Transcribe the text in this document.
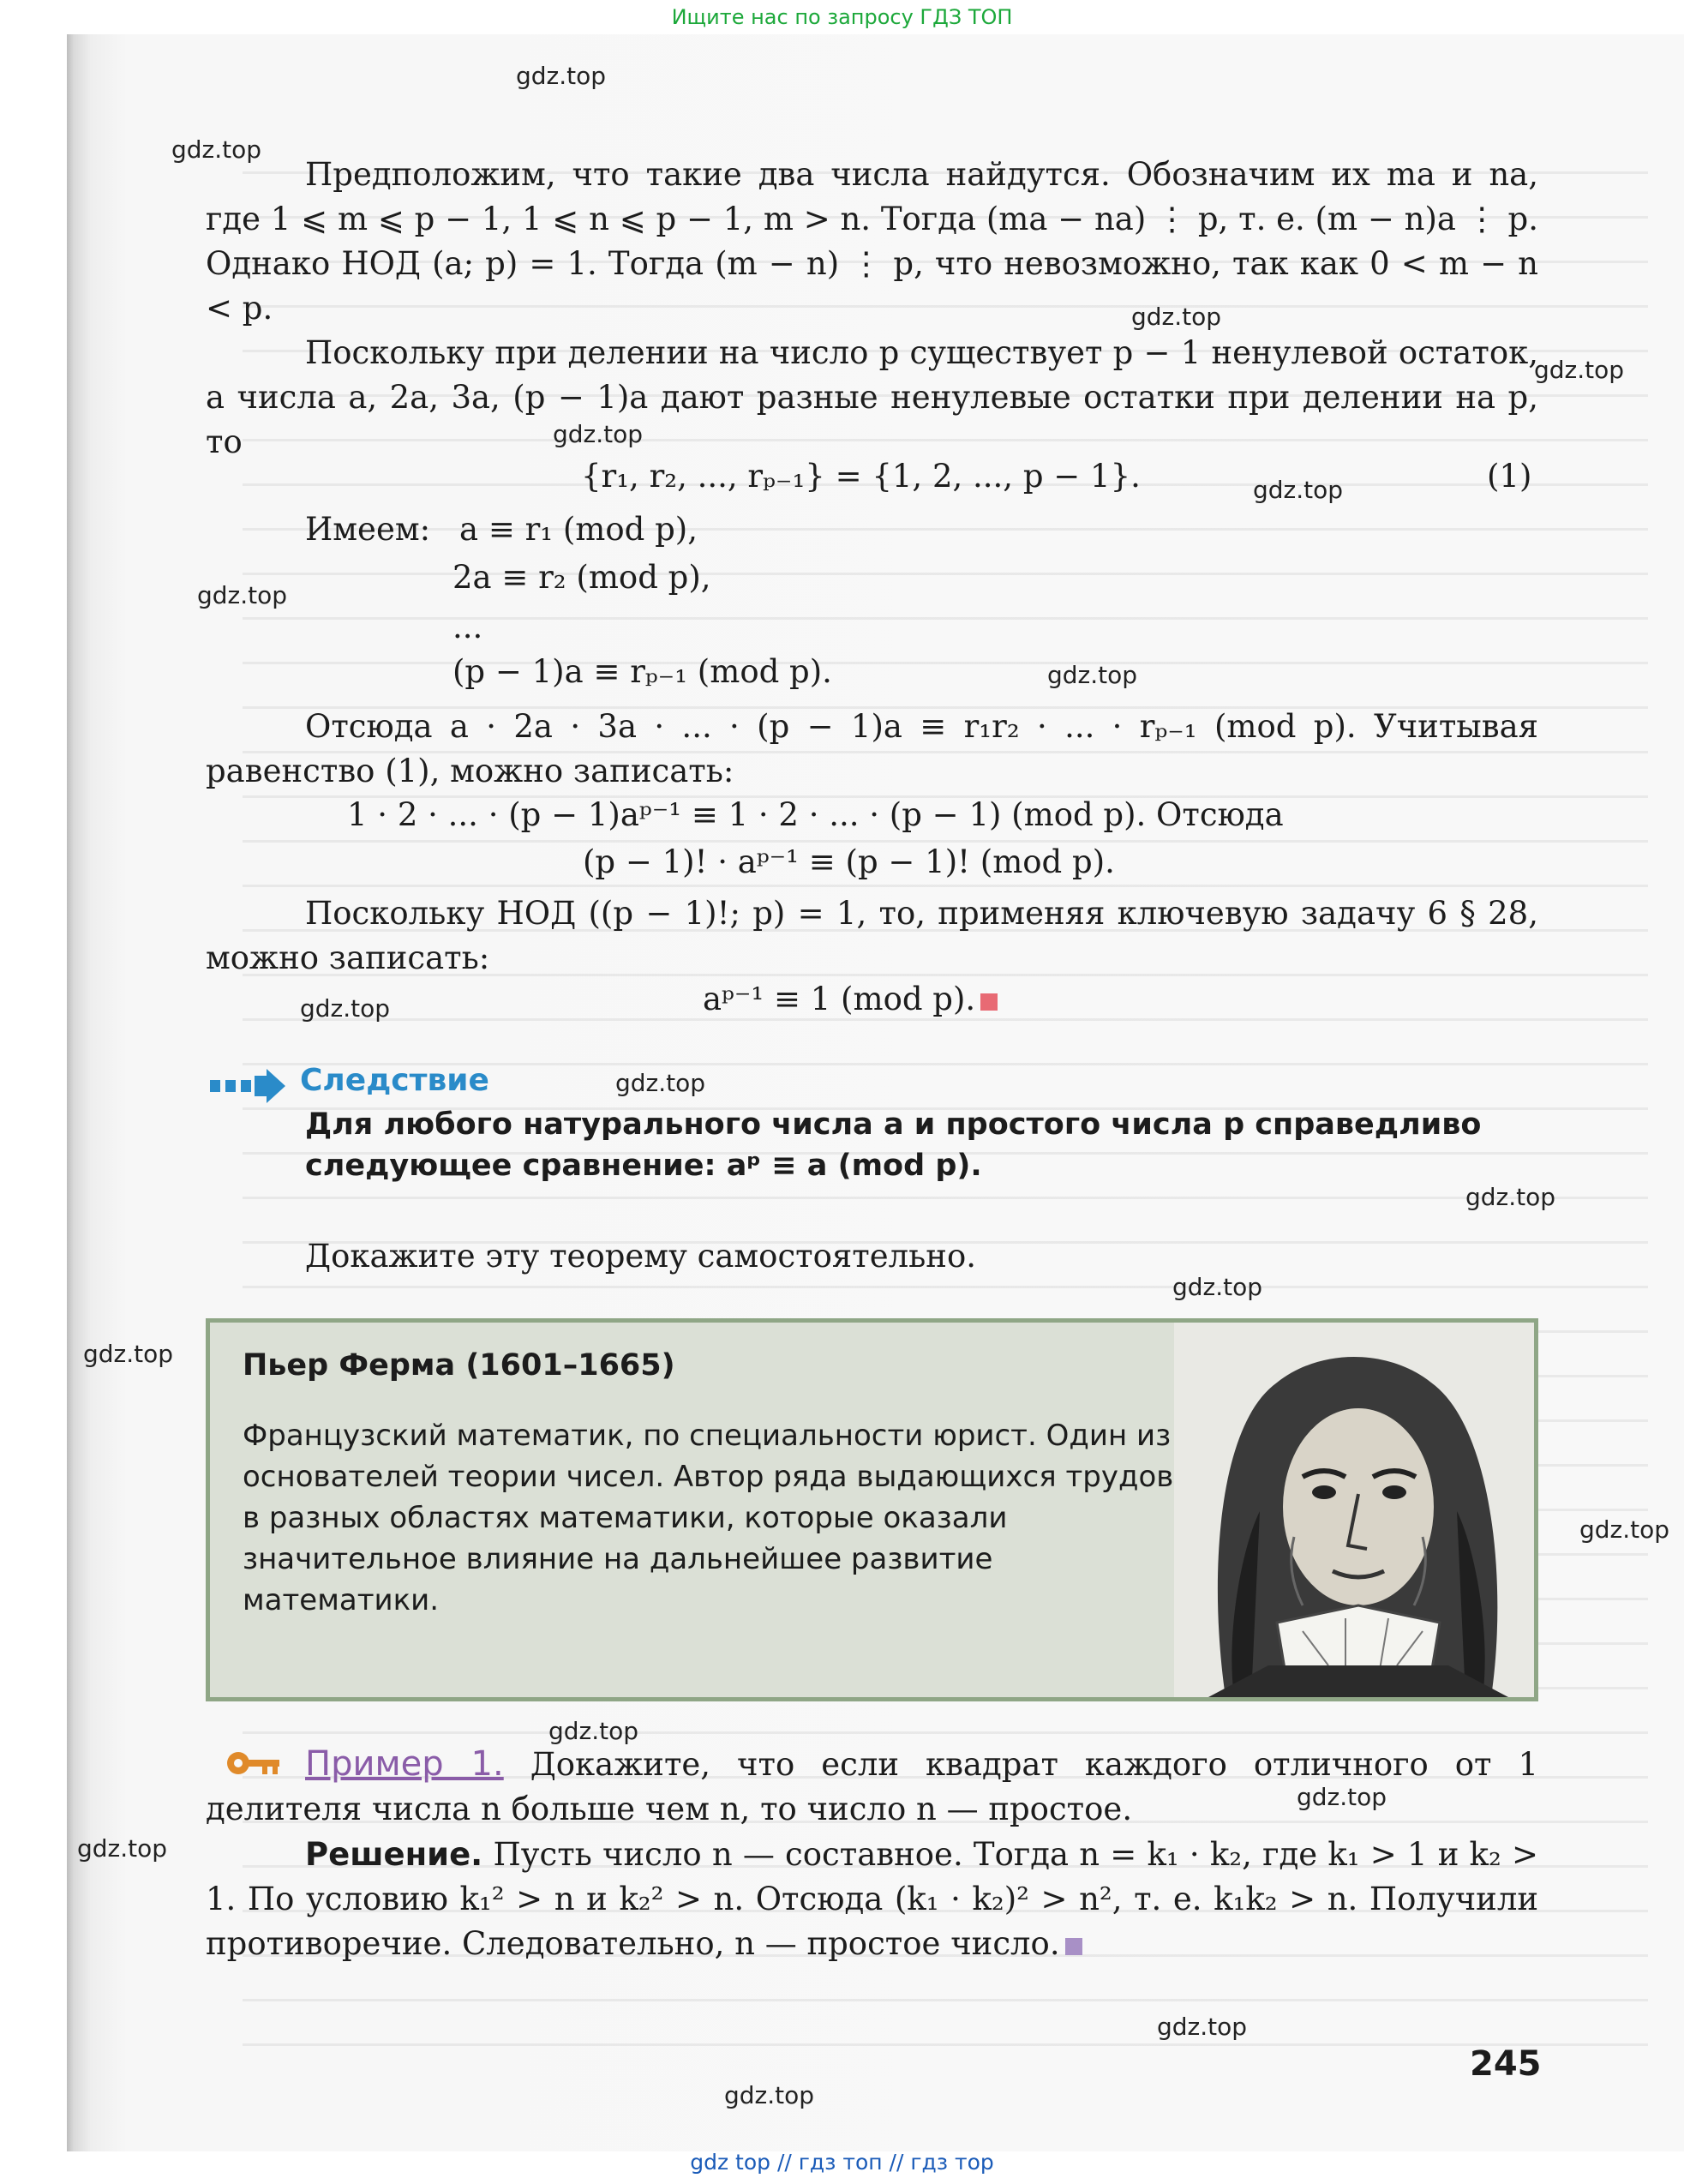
Ищите нас по запросу ГДЗ ТОП
gdz.top
gdz.top
gdz.top
gdz.top
gdz.top
gdz.top
gdz.top
gdz.top
gdz.top
gdz.top
gdz.top
gdz.top
gdz.top
gdz.top
gdz.top
gdz.top
gdz.top
gdz.top
gdz.top
Предположим, что такие два числа найдутся. Обозначим их ma и na, где 1 ⩽ m ⩽ p − 1, 1 ⩽ n ⩽ p − 1, m > n. Тогда (ma − na) ⋮ p, т. е. (m − n)a ⋮ p. Однако НОД (a; p) = 1. Тогда (m − n) ⋮ p, что невозможно, так как 0 < m − n < p.
Поскольку при делении на число p существует p − 1 ненулевой остаток, а числа a, 2a, 3a, (p − 1)a дают разные ненулевые остатки при делении на p, то
{r₁, r₂, ..., rₚ₋₁} = {1, 2, ..., p − 1}.	(1)
Имеем: a ≡ r₁ (mod p),
2a ≡ r₂ (mod p),
...
(p − 1)a ≡ rₚ₋₁ (mod p).
Отсюда a · 2a · 3a · ... · (p − 1)a ≡ r₁r₂ · ... · rₚ₋₁ (mod p). Учитывая равенство (1), можно записать:
1 · 2 · ... · (p − 1)aᵖ⁻¹ ≡ 1 · 2 · ... · (p − 1) (mod p). Отсюда
(p − 1)! · aᵖ⁻¹ ≡ (p − 1)! (mod p).
Поскольку НОД ((p − 1)!; p) = 1, то, применяя ключевую задачу 6 § 28, можно записать:
aᵖ⁻¹ ≡ 1 (mod p).
Следствие
Для любого натурального числа a и простого числа p справедливо следующее сравнение: aᵖ ≡ a (mod p).
Докажите эту теорему самостоятельно.
Пьер Ферма (1601–1665)
Французский математик, по специальности юрист. Один из основателей теории чисел. Автор ряда выдающихся трудов в разных областях математики, которые оказали значительное влияние на дальнейшее развитие математики.
Пример 1. Докажите, что если квадрат каждого отличного от 1 делителя числа n больше чем n, то число n — простое.
Решение. Пусть число n — составное. Тогда n = k₁ · k₂, где k₁ > 1 и k₂ > 1. По условию k₁² > n и k₂² > n. Отсюда (k₁ · k₂)² > n², т. е. k₁k₂ > n. Получили противоречие. Следовательно, n — простое число.
245
gdz top // гдз топ // гдз тор
